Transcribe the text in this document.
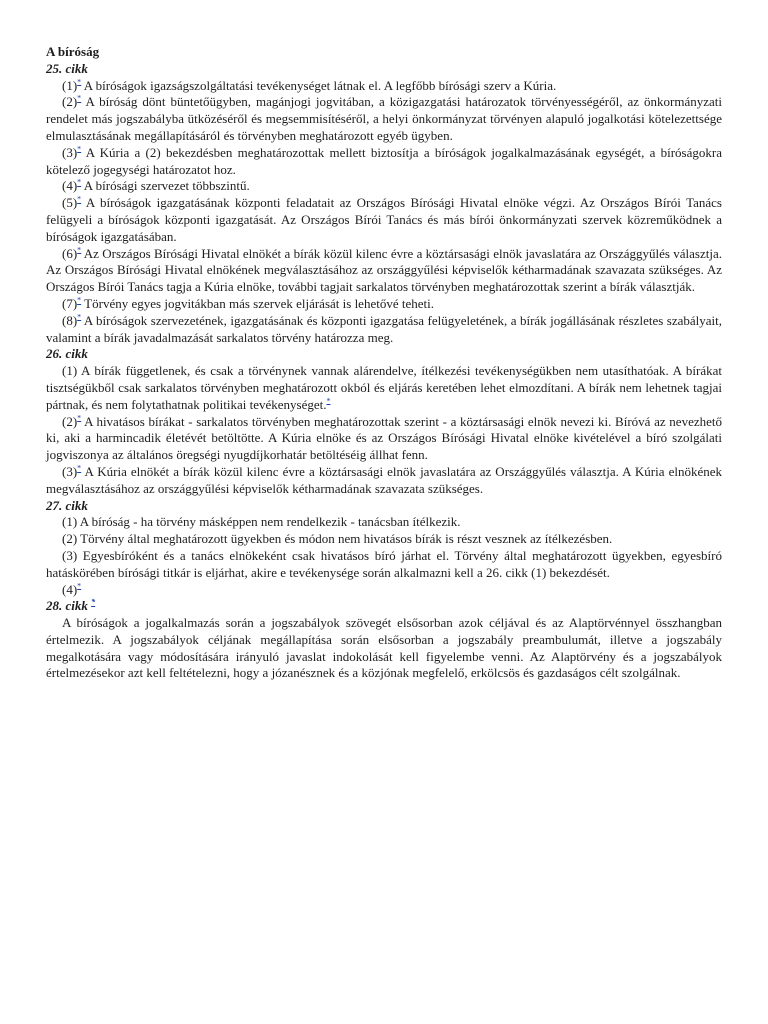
A bíróság
25. cikk

(1)* A bíróságok igazságszolgáltatási tevékenységet látnak el. A legfőbb bírósági szerv a Kúria.

(2)* A bíróság dönt büntetőügyben, magánjogi jogvitában, a közigazgatási határozatok törvényességéről, az önkormányzati rendelet más jogszabályba ütközéséről és megsemmisítéséről, a helyi önkormányzat törvényen alapuló jogalkotási kötelezettsége elmulasztásának megállapításáról és törvényben meghatározott egyéb ügyben.

(3)* A Kúria a (2) bekezdésben meghatározottak mellett biztosítja a bíróságok jogalkalmazásának egységét, a bíróságokra kötelező jogegységi határozatot hoz.

(4)* A bírósági szervezet többszintű.

(5)* A bíróságok igazgatásának központi feladatait az Országos Bírósági Hivatal elnöke végzi. Az Országos Bírói Tanács felügyeli a bíróságok központi igazgatását. Az Országos Bírói Tanács és más bírói önkormányzati szervek közreműködnek a bíróságok igazgatásában.

(6)* Az Országos Bírósági Hivatal elnökét a bírák közül kilenc évre a köztársasági elnök javaslatára az Országgyűlés választja. Az Országos Bírósági Hivatal elnökének megválasztásához az országgyűlési képviselők kétharmadának szavazata szükséges. Az Országos Bírói Tanács tagja a Kúria elnöke, további tagjait sarkalatos törvényben meghatározottak szerint a bírák választják.

(7)* Törvény egyes jogvitákban más szervek eljárását is lehetővé teheti.

(8)* A bíróságok szervezetének, igazgatásának és központi igazgatása felügyeletének, a bírák jogállásának részletes szabályait, valamint a bírák javadalmazását sarkalatos törvény határozza meg.

26. cikk

(1) A bírák függetlenek, és csak a törvénynek vannak alárendelve, ítélkezési tevékenységükben nem utasíthatóak. A bírákat tisztségükből csak sarkalatos törvényben meghatározott okból és eljárás keretében lehet elmozdítani. A bírák nem lehetnek tagjai pártnak, és nem folytathatnak politikai tevékenységet.*

(2)* A hivatásos bírákat - sarkalatos törvényben meghatározottak szerint - a köztársasági elnök nevezi ki. Bíróvá az nevezhető ki, aki a harmincadik életévét betöltötte. A Kúria elnöke és az Országos Bírósági Hivatal elnöke kivételével a bíró szolgálati jogviszonya az általános öregségi nyugdíjkorhatár betöltéséig állhat fenn.

(3)* A Kúria elnökét a bírák közül kilenc évre a köztársasági elnök javaslatára az Országgyűlés választja. A Kúria elnökének megválasztásához az országgyűlési képviselők kétharmadának szavazata szükséges.

27. cikk

(1) A bíróság - ha törvény másképpen nem rendelkezik - tanácsban ítélkezik.

(2) Törvény által meghatározott ügyekben és módon nem hivatásos bírák is részt vesznek az ítélkezésben.

(3) Egyesbíróként és a tanács elnökeként csak hivatásos bíró járhat el. Törvény által meghatározott ügyekben, egyesbíró hatáskörében bírósági titkár is eljárhat, akire e tevékenysége során alkalmazni kell a 26. cikk (1) bekezdését.

(4)*

28. cikk *

A bíróságok a jogalkalmazás során a jogszabályok szövegét elsősorban azok céljával és az Alaptörvénnyel összhangban értelmezik. A jogszabályok céljának megállapítása során elsősorban a jogszabály preambulumát, illetve a jogszabály megalkotására vagy módosítására irányuló javaslat indokolását kell figyelembe venni. Az Alaptörvény és a jogszabályok értelmezésekor azt kell feltételezni, hogy a józanésznek és a közjónak megfelelő, erkölcsös és gazdaságos célt szolgálnak.
